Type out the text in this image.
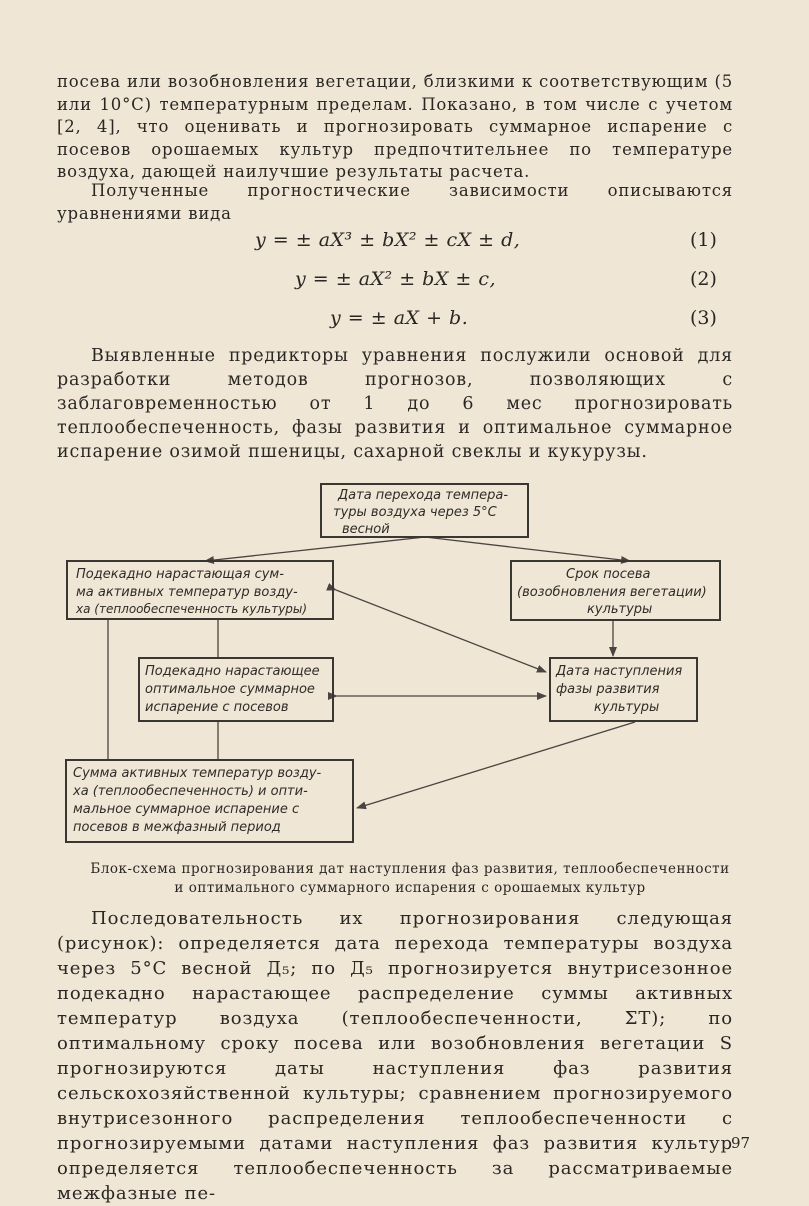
посева или возобновления вегетации, близкими к соответствующим (5 или 10°C) температурным пределам. Показано, в том числе с учетом [2, 4], что оценивать и прогнозировать суммарное испарение с посевов орошаемых культур предпочтительнее по температуре воздуха, дающей наилучшие результаты расчета.

Полученные прогностические зависимости описываются уравнениями вида

y = ± aX³ ± bX² ± cX ± d,	(1)
y = ± aX² ± bX ± c,	(2)
y = ± aX + b.	(3)

Выявленные предикторы уравнения послужили основой для разработки методов прогнозов, позволяющих с заблаговременностью от 1 до 6 мес прогнозировать теплообеспеченность, фазы развития и оптимальное суммарное испарение озимой пшеницы, сахарной свеклы и кукурузы.

Дата перехода темпера-
туры воздуха через 5°С
весной
Подекадно нарастающая сум-
ма активных температур возду-
ха (теплообеспеченность культуры)
Срок посева
(возобновления вегетации)
культуры
Подекадно нарастающее
оптимальное суммарное
испарение с посевов
Дата наступления
фазы развития
культуры
Сумма активных температур возду-
ха (теплообеспеченность) и опти-
мальное суммарное испарение с
посевов в межфазный период

Блок-схема прогнозирования дат наступления фаз развития, теплообеспеченности и оптимального суммарного испарения с орошаемых культур

Последовательность их прогнозирования следующая (рисунок): определяется дата перехода температуры воздуха через 5°С весной Д₅; по Д₅ прогнозируется внутрисезонное подекадно нарастающее распределение суммы активных температур воздуха (теплообеспеченности, ΣT); по оптимальному сроку посева или возобновления вегетации S прогнозируются даты наступления фаз развития сельскохозяйственной культуры; сравнением прогнозируемого внутрисезонного распределения теплообеспеченности с прогнозируемыми датами наступления фаз развития культур определяется теплообеспеченность за рассматриваемые межфазные пе-

97
